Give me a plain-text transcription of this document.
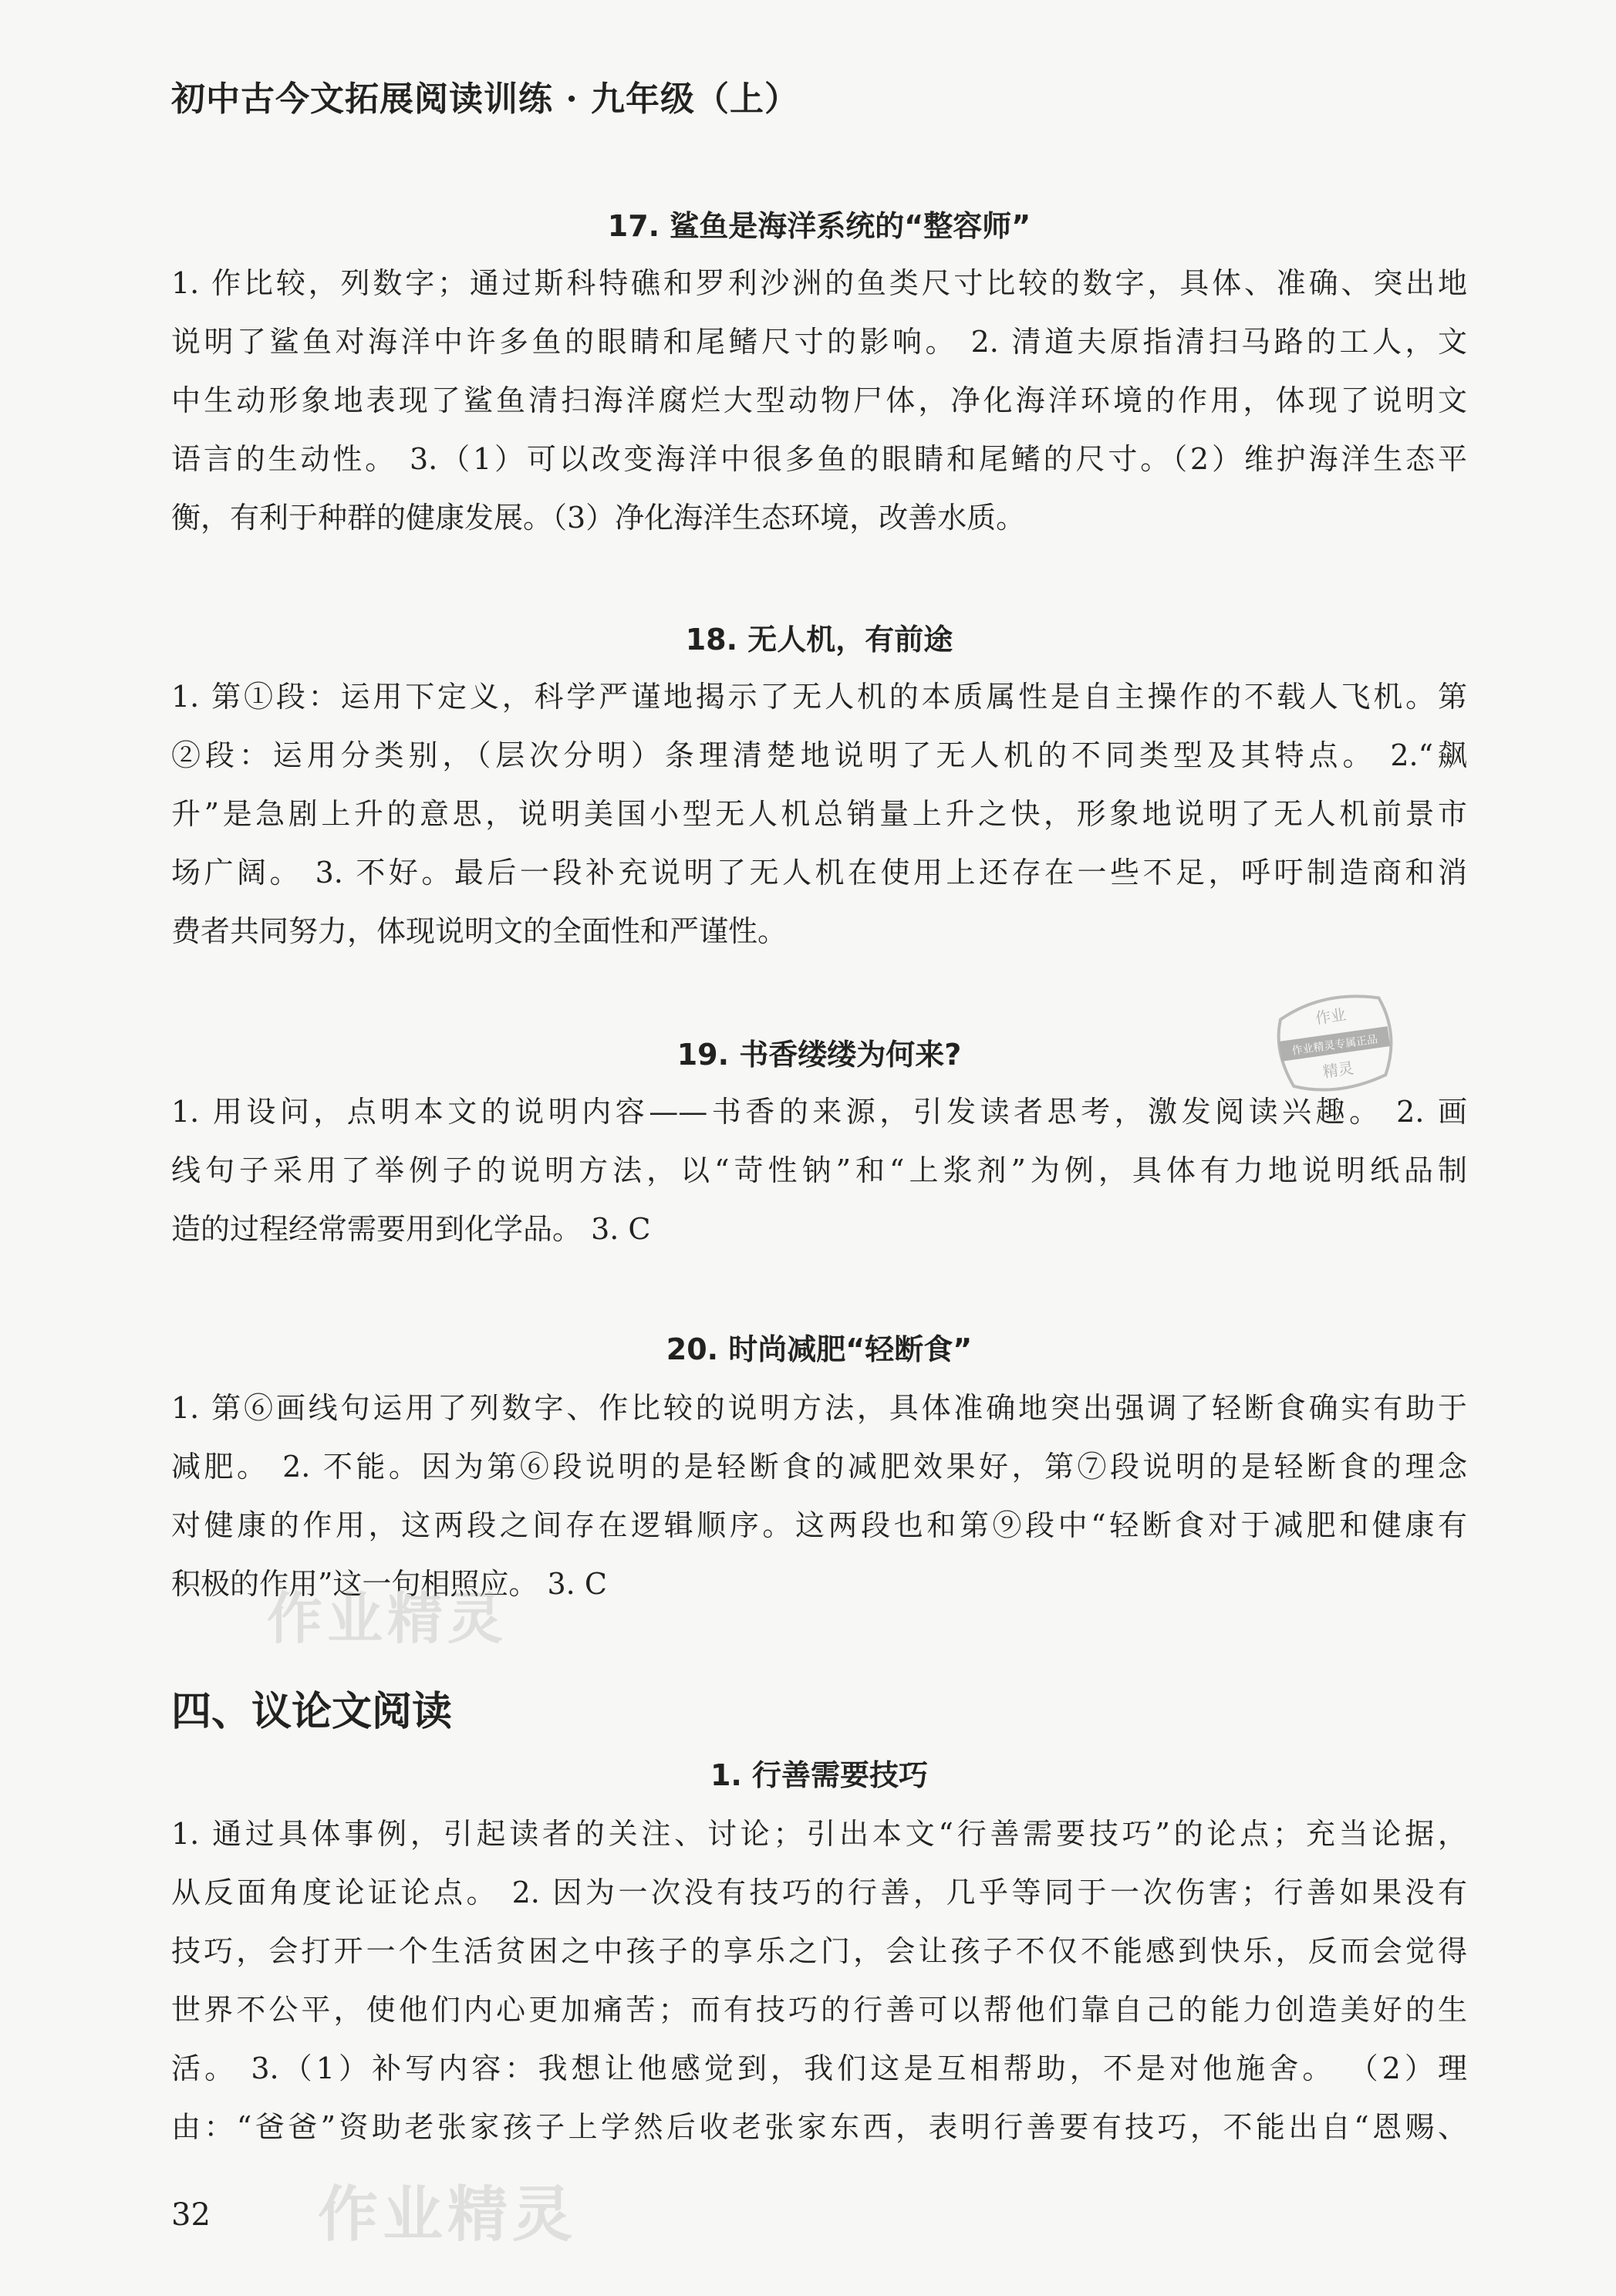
初中古今文拓展阅读训练 · 九年级（上）
17. 鲨鱼是海洋系统的“整容师”
1. 作比较，列数字；通过斯科特礁和罗利沙洲的鱼类尺寸比较的数字，具体、准确、突出地
说明了鲨鱼对海洋中许多鱼的眼睛和尾鳍尺寸的影响。 2. 清道夫原指清扫马路的工人，文
中生动形象地表现了鲨鱼清扫海洋腐烂大型动物尸体，净化海洋环境的作用，体现了说明文
语言的生动性。 3.（1）可以改变海洋中很多鱼的眼睛和尾鳍的尺寸。（2）维护海洋生态平
衡，有利于种群的健康发展。（3）净化海洋生态环境，改善水质。
18. 无人机，有前途
1. 第①段：运用下定义，科学严谨地揭示了无人机的本质属性是自主操作的不载人飞机。第
②段：运用分类别，（层次分明）条理清楚地说明了无人机的不同类型及其特点。 2.“飙
升”是急剧上升的意思，说明美国小型无人机总销量上升之快，形象地说明了无人机前景市
场广阔。 3. 不好。最后一段补充说明了无人机在使用上还存在一些不足，呼吁制造商和消
费者共同努力，体现说明文的全面性和严谨性。
19. 书香缕缕为何来?
1. 用设问，点明本文的说明内容——书香的来源，引发读者思考，激发阅读兴趣。 2. 画
线句子采用了举例子的说明方法，以“苛性钠”和“上浆剂”为例，具体有力地说明纸品制
造的过程经常需要用到化学品。 3. C
20. 时尚减肥“轻断食”
1. 第⑥画线句运用了列数字、作比较的说明方法，具体准确地突出强调了轻断食确实有助于
减肥。 2. 不能。因为第⑥段说明的是轻断食的减肥效果好，第⑦段说明的是轻断食的理念
对健康的作用，这两段之间存在逻辑顺序。这两段也和第⑨段中“轻断食对于减肥和健康有
积极的作用”这一句相照应。 3. C
四、议论文阅读
1. 行善需要技巧
1. 通过具体事例，引起读者的关注、讨论；引出本文“行善需要技巧”的论点；充当论据，
从反面角度论证论点。 2. 因为一次没有技巧的行善，几乎等同于一次伤害；行善如果没有
技巧，会打开一个生活贫困之中孩子的享乐之门，会让孩子不仅不能感到快乐，反而会觉得
世界不公平，使他们内心更加痛苦；而有技巧的行善可以帮他们靠自己的能力创造美好的生
活。 3.（1）补写内容：我想让他感觉到，我们这是互相帮助，不是对他施舍。 （2）理
由：“爸爸”资助老张家孩子上学然后收老张家东西，表明行善要有技巧，不能出自“恩赐、
32
作业精灵
作业精灵
作业
作业精灵专属正品
精灵
